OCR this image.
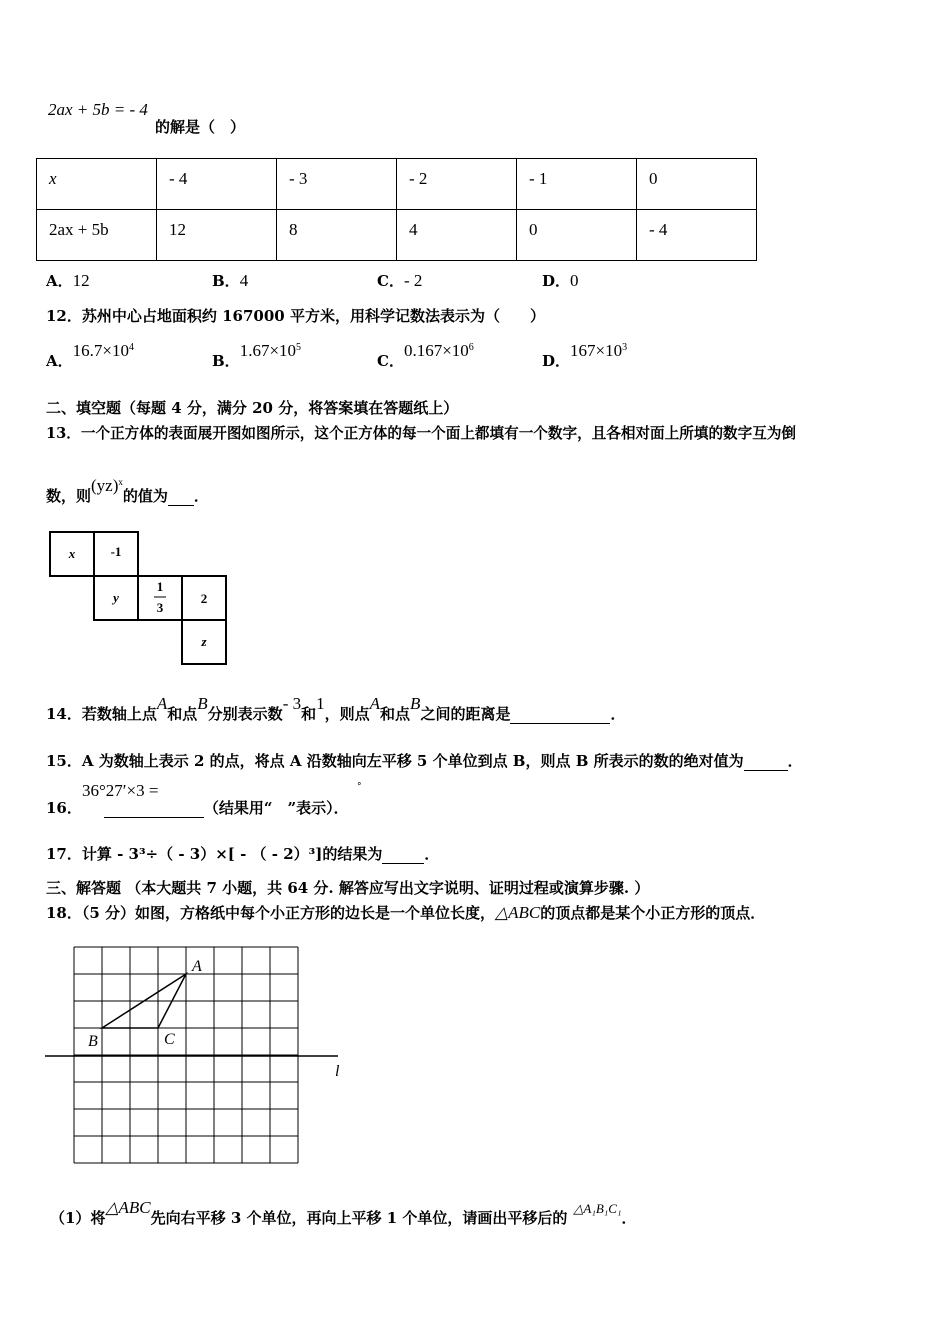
2ax + 5b = - 4
的解是（　）
x	- 4	- 3	- 2	- 1	0
2ax + 5b	12	8	4	0	- 4
A．12	B．4	C．- 2	D．0
12．苏州中心占地面积约 167000 平方米，用科学记数法表示为（　　）
A．$16.7\times 10^4$
B．$1.67\times 10^5$
C．$0.167\times 10^6$
D．$167\times 10^3$
二、填空题（每题 4 分，满分 20 分，将答案填在答题纸上）
13．一个正方体的表面展开图如图所示，这个正方体的每一个面上都填有一个数字，且各相对面上所填的数字互为倒
数，则(yz)$^x$的值为 ．
x	-1
y
1
3
2
z
14．若数轴上点A和点B分别表示数- 3和1，则点A和点B之间的距离是	．
15．A 为数轴上表示 2 的点，将点 A 沿数轴向左平移 5 个单位到点 B，则点 B 所表示的数的绝对值为	．
36°27′×3 =
16．	（结果用“　”表示）．
°
17．计算 - 3³÷（ - 3）×[ - （ - 2）³]的结果为	．
三、解答题 （本大题共 7 小题，共 64 分. 解答应写出文字说明、证明过程或演算步骤. ）
18．（5 分）如图，方格纸中每个小正方形的边长是一个单位长度，△ABC的顶点都是某个小正方形的顶点．
A
B	C
l
（1）将△ABC先向右平移 3 个单位，再向上平移 1 个单位，请画出平移后的△A₁B₁C₁．
